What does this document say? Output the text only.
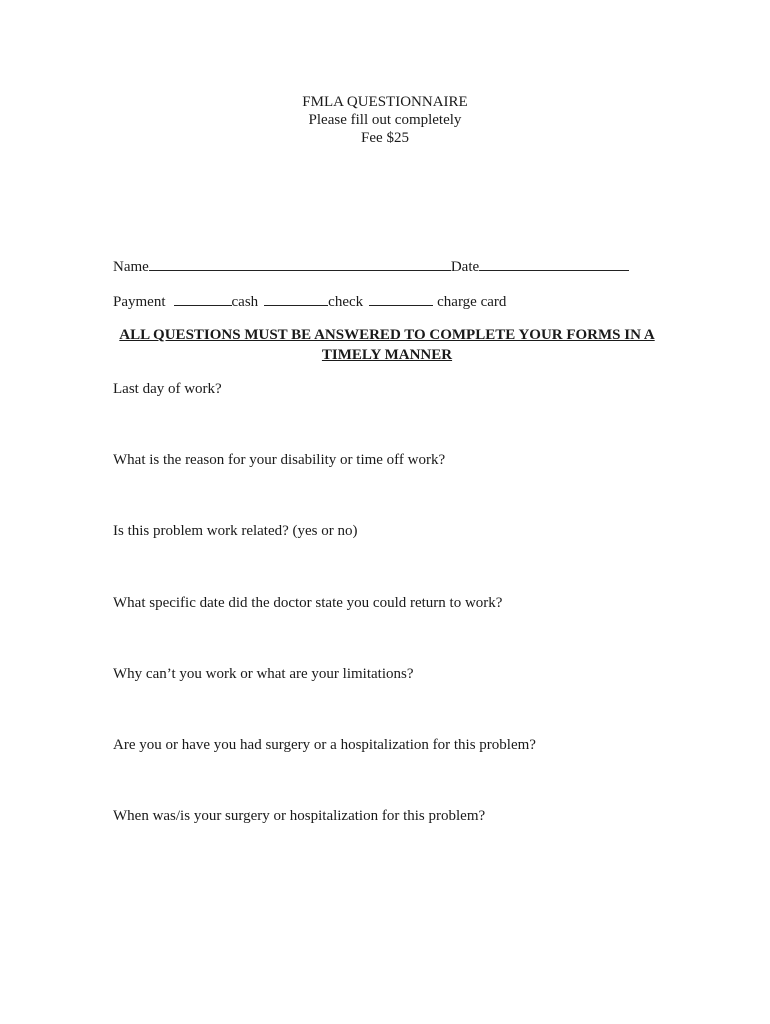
FMLA QUESTIONNAIRE
Please fill out completely
Fee $25
Name	Date
Payment	cash	check	charge card
ALL QUESTIONS MUST BE ANSWERED TO COMPLETE YOUR FORMS IN A TIMELY MANNER
Last day of work?
What is the reason for your disability or time off work?
Is this problem work related? (yes or no)
What specific date did the doctor state you could return to work?
Why can’t you work or what are your limitations?
Are you or have you had surgery or a hospitalization for this problem?
When was/is your surgery or hospitalization for this problem?
